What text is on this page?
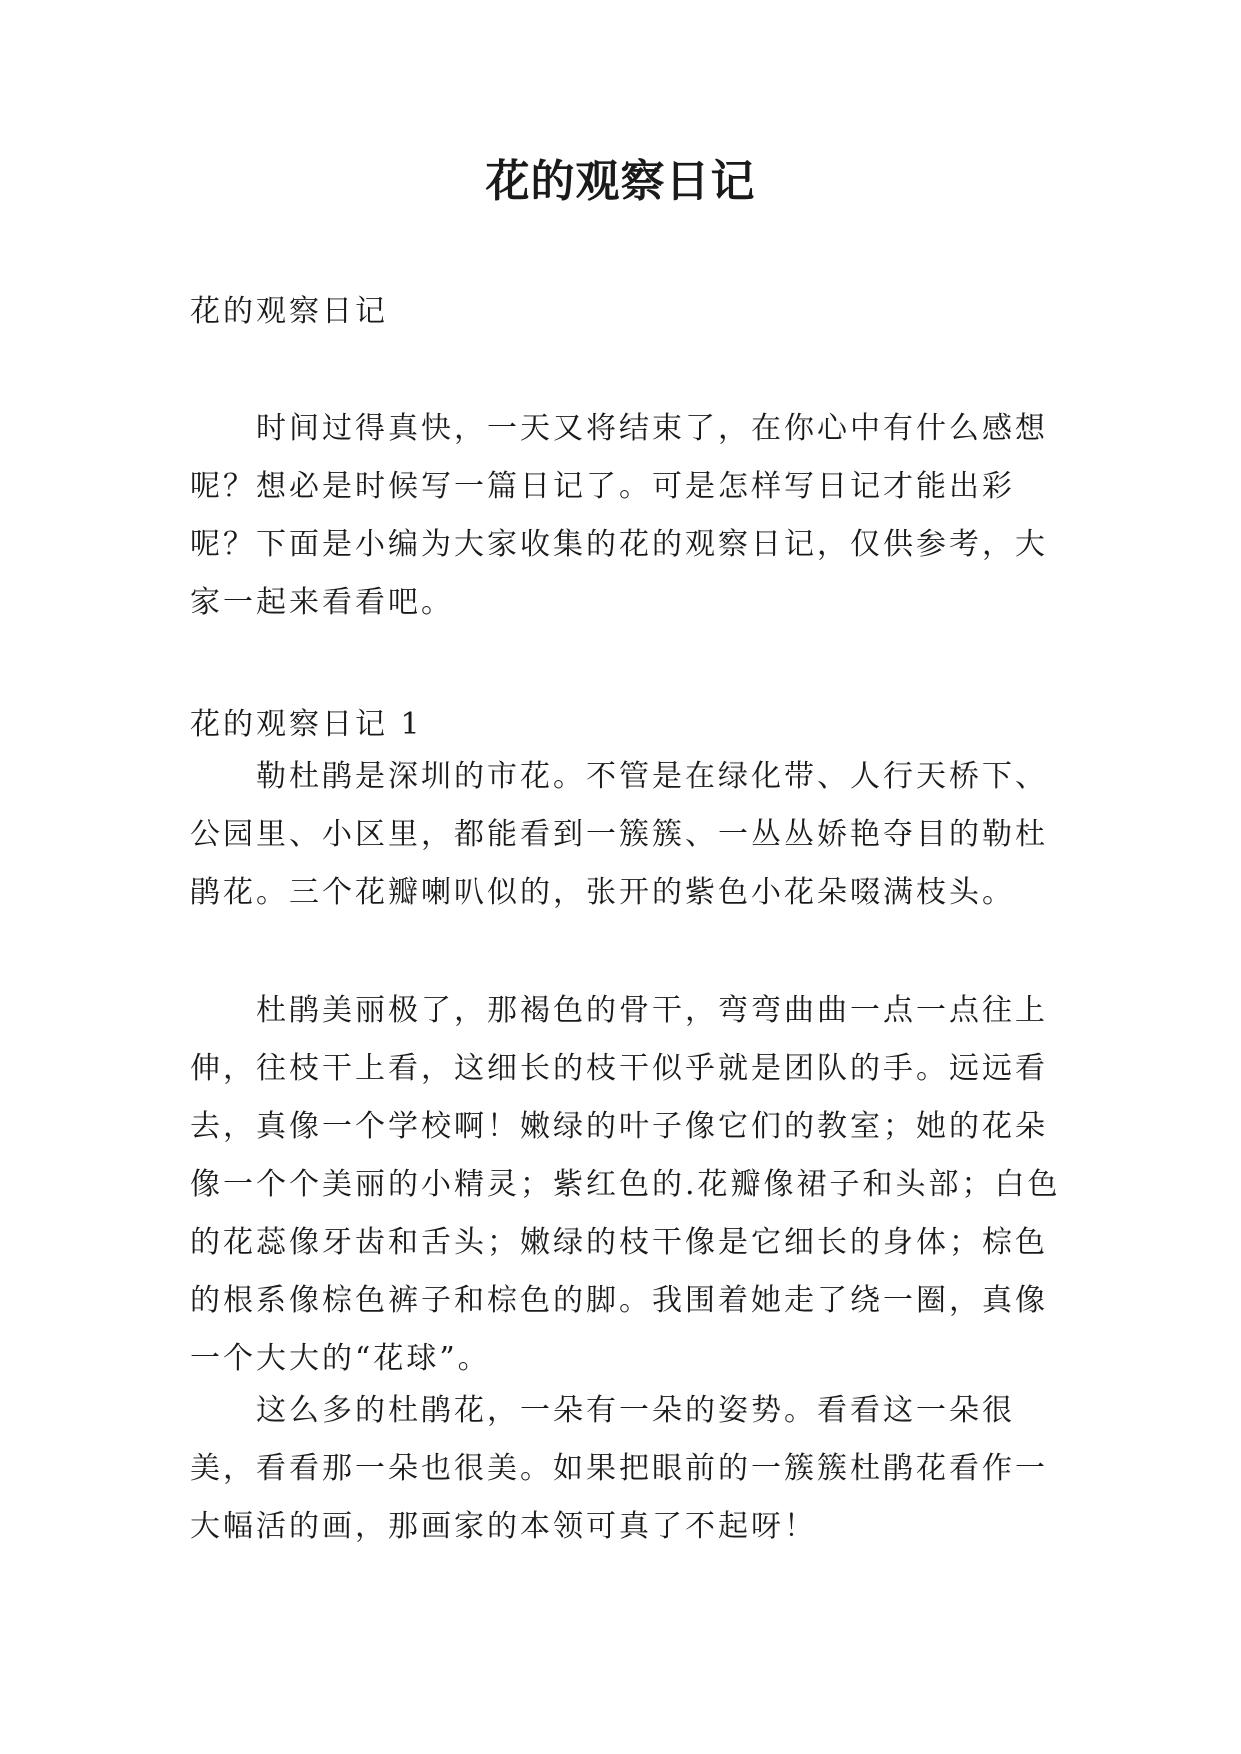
花的观察日记
花的观察日记
时间过得真快，一天又将结束了，在你心中有什么感想呢？想必是时候写一篇日记了。可是怎样写日记才能出彩呢？下面是小编为大家收集的花的观察日记，仅供参考，大家一起来看看吧。
花的观察日记 1
勒杜鹃是深圳的市花。不管是在绿化带、人行天桥下、公园里、小区里，都能看到一簇簇、一丛丛娇艳夺目的勒杜鹃花。三个花瓣喇叭似的，张开的紫色小花朵啜满枝头。
杜鹃美丽极了，那褐色的骨干，弯弯曲曲一点一点往上伸，往枝干上看，这细长的枝干似乎就是团队的手。远远看去，真像一个学校啊！嫩绿的叶子像它们的教室；她的花朵像一个个美丽的小精灵；紫红色的.花瓣像裙子和头部；白色的花蕊像牙齿和舌头；嫩绿的枝干像是它细长的身体；棕色的根系像棕色裤子和棕色的脚。我围着她走了绕一圈，真像一个大大的“花球”。
这么多的杜鹃花，一朵有一朵的姿势。看看这一朵很美，看看那一朵也很美。如果把眼前的一簇簇杜鹃花看作一大幅活的画，那画家的本领可真了不起呀！
